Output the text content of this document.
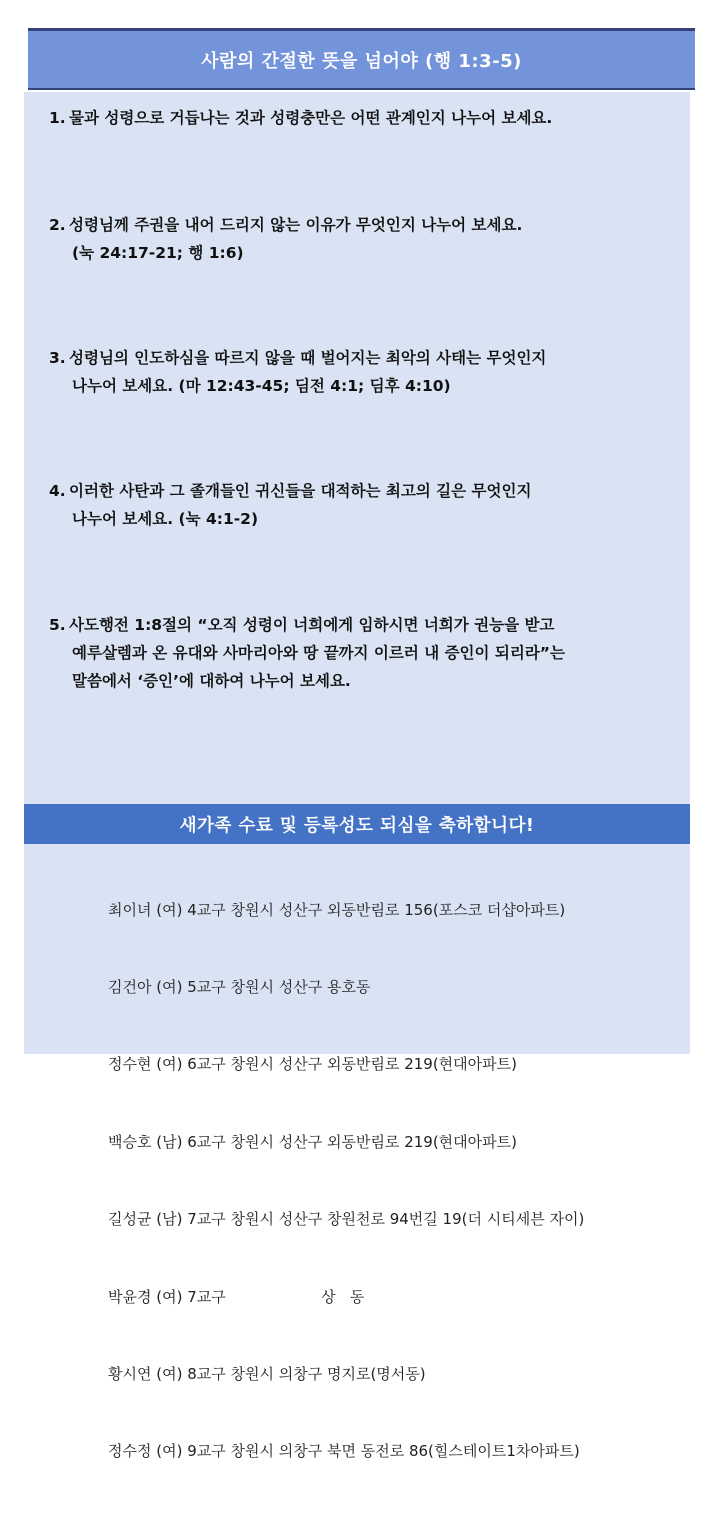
사람의 간절한 뜻을 넘어야 (행 1:3-5)
1. 물과 성령으로 거듭나는 것과 성령충만은 어떤 관계인지 나누어 보세요.
2. 성령님께 주권을 내어 드리지 않는 이유가 무엇인지 나누어 보세요.
(눅 24:17-21; 행 1:6)
3. 성령님의 인도하심을 따르지 않을 때 벌어지는 최악의 사태는 무엇인지
나누어 보세요. (마 12:43-45; 딤전 4:1; 딤후 4:10)
4. 이러한 사탄과 그 졸개들인 귀신들을 대적하는 최고의 길은 무엇인지
나누어 보세요. (눅 4:1-2)
5. 사도행전 1:8절의 “오직 성령이 너희에게 임하시면 너희가 권능을 받고
예루살렘과 온 유대와 사마리아와 땅 끝까지 이르러 내 증인이 되리라”는
말씀에서 ‘증인’에 대하여 나누어 보세요.
새가족 수료 및 등록성도 되심을 축하합니다!

최이녀 (여) 4교구 창원시 성산구 외동반림로 156(포스코 더샵아파트)

김건아 (여) 5교구 창원시 성산구 용호동

정수현 (여) 6교구 창원시 성산구 외동반림로 219(현대아파트)

백승호 (남) 6교구 창원시 성산구 외동반림로 219(현대아파트)

길성균 (남) 7교구 창원시 성산구 창원천로 94번길 19(더 시티세븐 자이)

박윤경 (여) 7교구                    상   동

황시연 (여) 8교구 창원시 의창구 명지로(명서동)

정수정 (여) 9교구 창원시 의창구 북면 동전로 86(힐스테이트1차아파트)
